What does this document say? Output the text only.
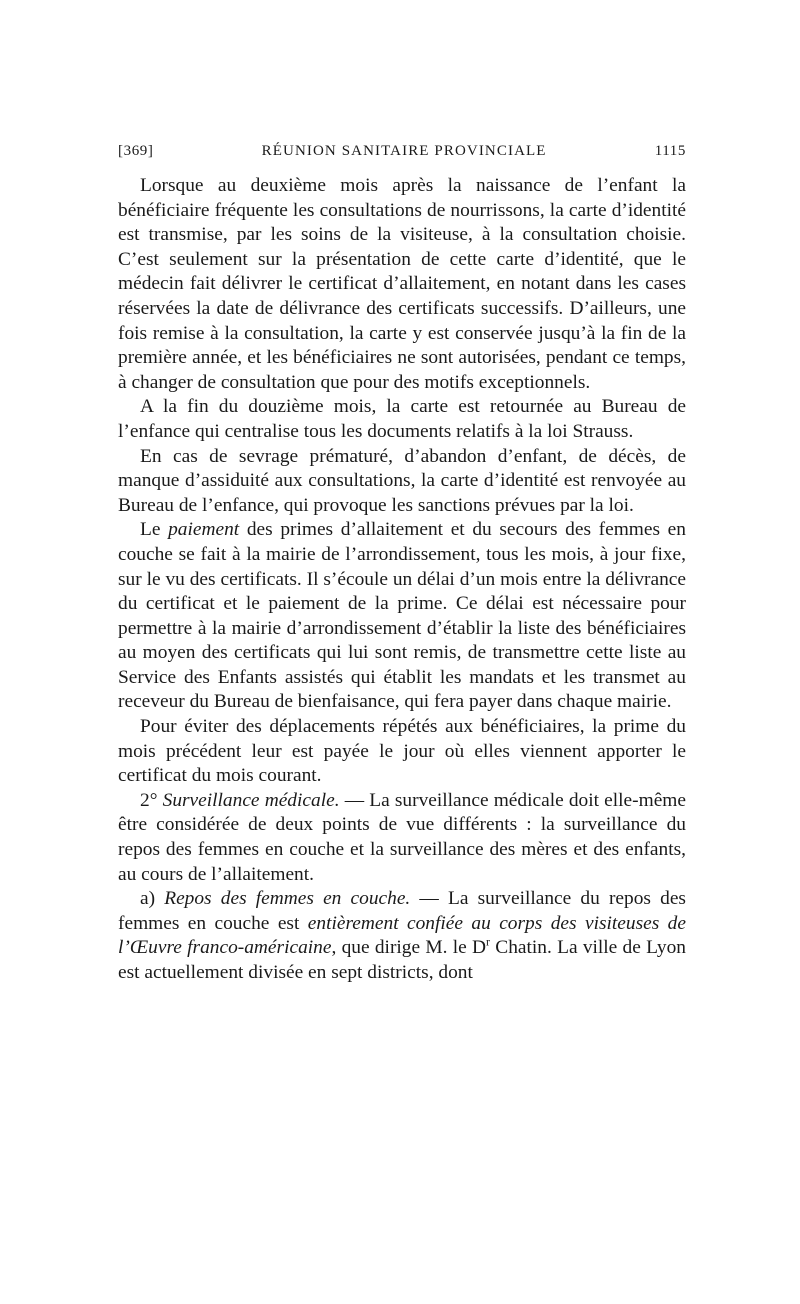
[369]	RÉUNION SANITAIRE PROVINCIALE	1115

Lorsque au deuxième mois après la naissance de l’enfant la bénéficiaire fréquente les consultations de nourrissons, la carte d’identité est transmise, par les soins de la visiteuse, à la consultation choisie. C’est seulement sur la présentation de cette carte d’identité, que le médecin fait délivrer le certificat d’allaitement, en notant dans les cases réservées la date de délivrance des certificats successifs. D’ailleurs, une fois remise à la consultation, la carte y est conservée jusqu’à la fin de la première année, et les bénéficiaires ne sont autorisées, pendant ce temps, à changer de consultation que pour des motifs exceptionnels.

A la fin du douzième mois, la carte est retournée au Bureau de l’enfance qui centralise tous les documents relatifs à la loi Strauss.

En cas de sevrage prématuré, d’abandon d’enfant, de décès, de manque d’assiduité aux consultations, la carte d’identité est renvoyée au Bureau de l’enfance, qui provoque les sanctions prévues par la loi.

Le paiement des primes d’allaitement et du secours des femmes en couche se fait à la mairie de l’arrondissement, tous les mois, à jour fixe, sur le vu des certificats. Il s’écoule un délai d’un mois entre la délivrance du certificat et le paiement de la prime. Ce délai est nécessaire pour permettre à la mairie d’arrondissement d’établir la liste des bénéficiaires au moyen des certificats qui lui sont remis, de transmettre cette liste au Service des Enfants assistés qui établit les mandats et les transmet au receveur du Bureau de bienfaisance, qui fera payer dans chaque mairie.

Pour éviter des déplacements répétés aux bénéficiaires, la prime du mois précédent leur est payée le jour où elles viennent apporter le certificat du mois courant.

2° Surveillance médicale. — La surveillance médicale doit elle-même être considérée de deux points de vue différents : la surveillance du repos des femmes en couche et la surveillance des mères et des enfants, au cours de l’allaitement.

a) Repos des femmes en couche. — La surveillance du repos des femmes en couche est entièrement confiée au corps des visiteuses de l’Œuvre franco-américaine, que dirige M. le $D^r$ Chatin. La ville de Lyon est actuellement divisée en sept districts, dont
